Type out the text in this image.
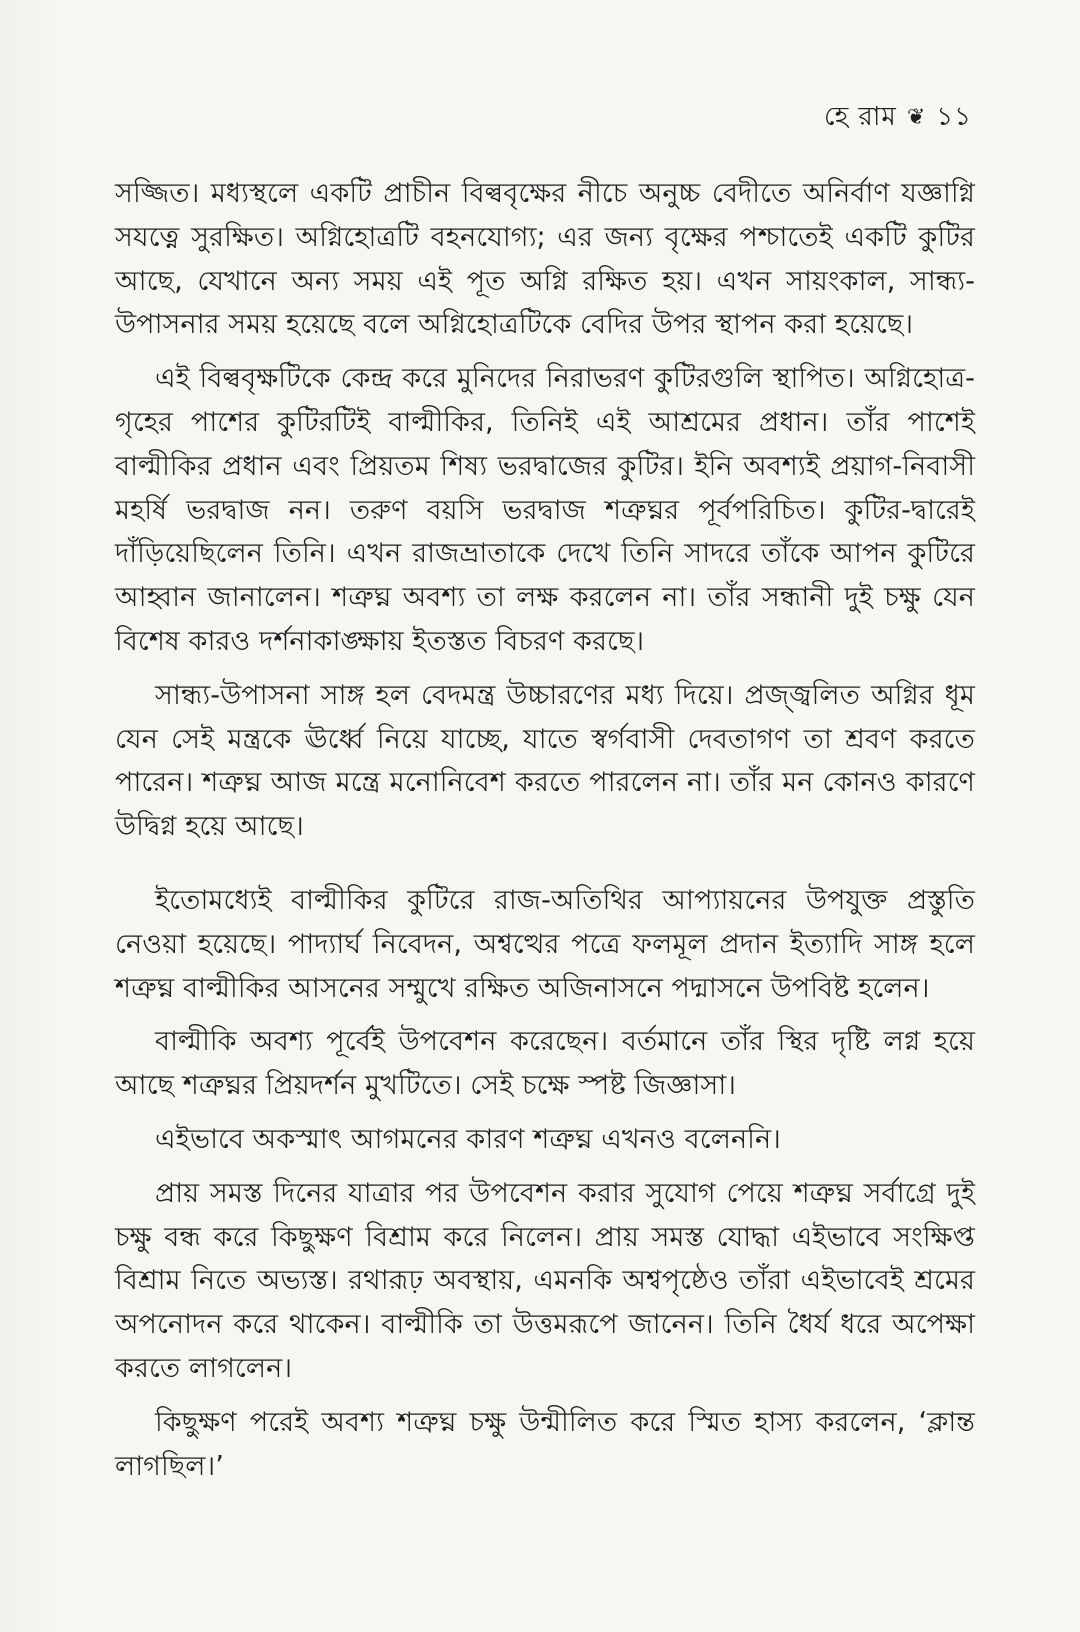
হে রাম ❦ ১১

সজ্জিত। মধ্যস্থলে একটি প্রাচীন বিল্ববৃক্ষের নীচে অনুচ্চ বেদীতে অনির্বাণ যজ্ঞাগ্নি সযত্নে সুরক্ষিত। অগ্নিহোত্রটি বহনযোগ্য; এর জন্য বৃক্ষের পশ্চাতেই একটি কুটির আছে, যেখানে অন্য সময় এই পূত অগ্নি রক্ষিত হয়। এখন সায়ংকাল, সান্ধ্য-উপাসনার সময় হয়েছে বলে অগ্নিহোত্রটিকে বেদির উপর স্থাপন করা হয়েছে।

এই বিল্ববৃক্ষটিকে কেন্দ্র করে মুনিদের নিরাভরণ কুটিরগুলি স্থাপিত। অগ্নিহোত্র-গৃহের পাশের কুটিরটিই বাল্মীকির, তিনিই এই আশ্রমের প্রধান। তাঁর পাশেই বাল্মীকির প্রধান এবং প্রিয়তম শিষ্য ভরদ্বাজের কুটির। ইনি অবশ্যই প্রয়াগ-নিবাসী মহর্ষি ভরদ্বাজ নন। তরুণ বয়সি ভরদ্বাজ শত্রুঘ্নর পূর্বপরিচিত। কুটির-দ্বারেই দাঁড়িয়েছিলেন তিনি। এখন রাজভ্রাতাকে দেখে তিনি সাদরে তাঁকে আপন কুটিরে আহ্বান জানালেন। শত্রুঘ্ন অবশ্য তা লক্ষ করলেন না। তাঁর সন্ধানী দুই চক্ষু যেন বিশেষ কারও দর্শনাকাঙ্ক্ষায় ইতস্তত বিচরণ করছে।

সান্ধ্য-উপাসনা সাঙ্গ হল বেদমন্ত্র উচ্চারণের মধ্য দিয়ে। প্রজ্জ্বলিত অগ্নির ধূম যেন সেই মন্ত্রকে ঊর্ধ্বে নিয়ে যাচ্ছে, যাতে স্বর্গবাসী দেবতাগণ তা শ্রবণ করতে পারেন। শত্রুঘ্ন আজ মন্ত্রে মনোনিবেশ করতে পারলেন না। তাঁর মন কোনও কারণে উদ্বিগ্ন হয়ে আছে।

ইতোমধ্যেই বাল্মীকির কুটিরে রাজ-অতিথির আপ্যায়নের উপযুক্ত প্রস্তুতি নেওয়া হয়েছে। পাদ্যার্ঘ নিবেদন, অশ্বত্থের পত্রে ফলমূল প্রদান ইত্যাদি সাঙ্গ হলে শত্রুঘ্ন বাল্মীকির আসনের সম্মুখে রক্ষিত অজিনাসনে পদ্মাসনে উপবিষ্ট হলেন।

বাল্মীকি অবশ্য পূর্বেই উপবেশন করেছেন। বর্তমানে তাঁর স্থির দৃষ্টি লগ্ন হয়ে আছে শত্রুঘ্নর প্রিয়দর্শন মুখটিতে। সেই চক্ষে স্পষ্ট জিজ্ঞাসা।

এইভাবে অকস্মাৎ আগমনের কারণ শত্রুঘ্ন এখনও বলেননি।

প্রায় সমস্ত দিনের যাত্রার পর উপবেশন করার সুযোগ পেয়ে শত্রুঘ্ন সর্বাগ্রে দুই চক্ষু বন্ধ করে কিছুক্ষণ বিশ্রাম করে নিলেন। প্রায় সমস্ত যোদ্ধা এইভাবে সংক্ষিপ্ত বিশ্রাম নিতে অভ্যস্ত। রথারূঢ় অবস্থায়, এমনকি অশ্বপৃষ্ঠেও তাঁরা এইভাবেই শ্রমের অপনোদন করে থাকেন। বাল্মীকি তা উত্তমরূপে জানেন। তিনি ধৈর্য ধরে অপেক্ষা করতে লাগলেন।

কিছুক্ষণ পরেই অবশ্য শত্রুঘ্ন চক্ষু উন্মীলিত করে স্মিত হাস্য করলেন, ‘ক্লান্ত লাগছিল।’
